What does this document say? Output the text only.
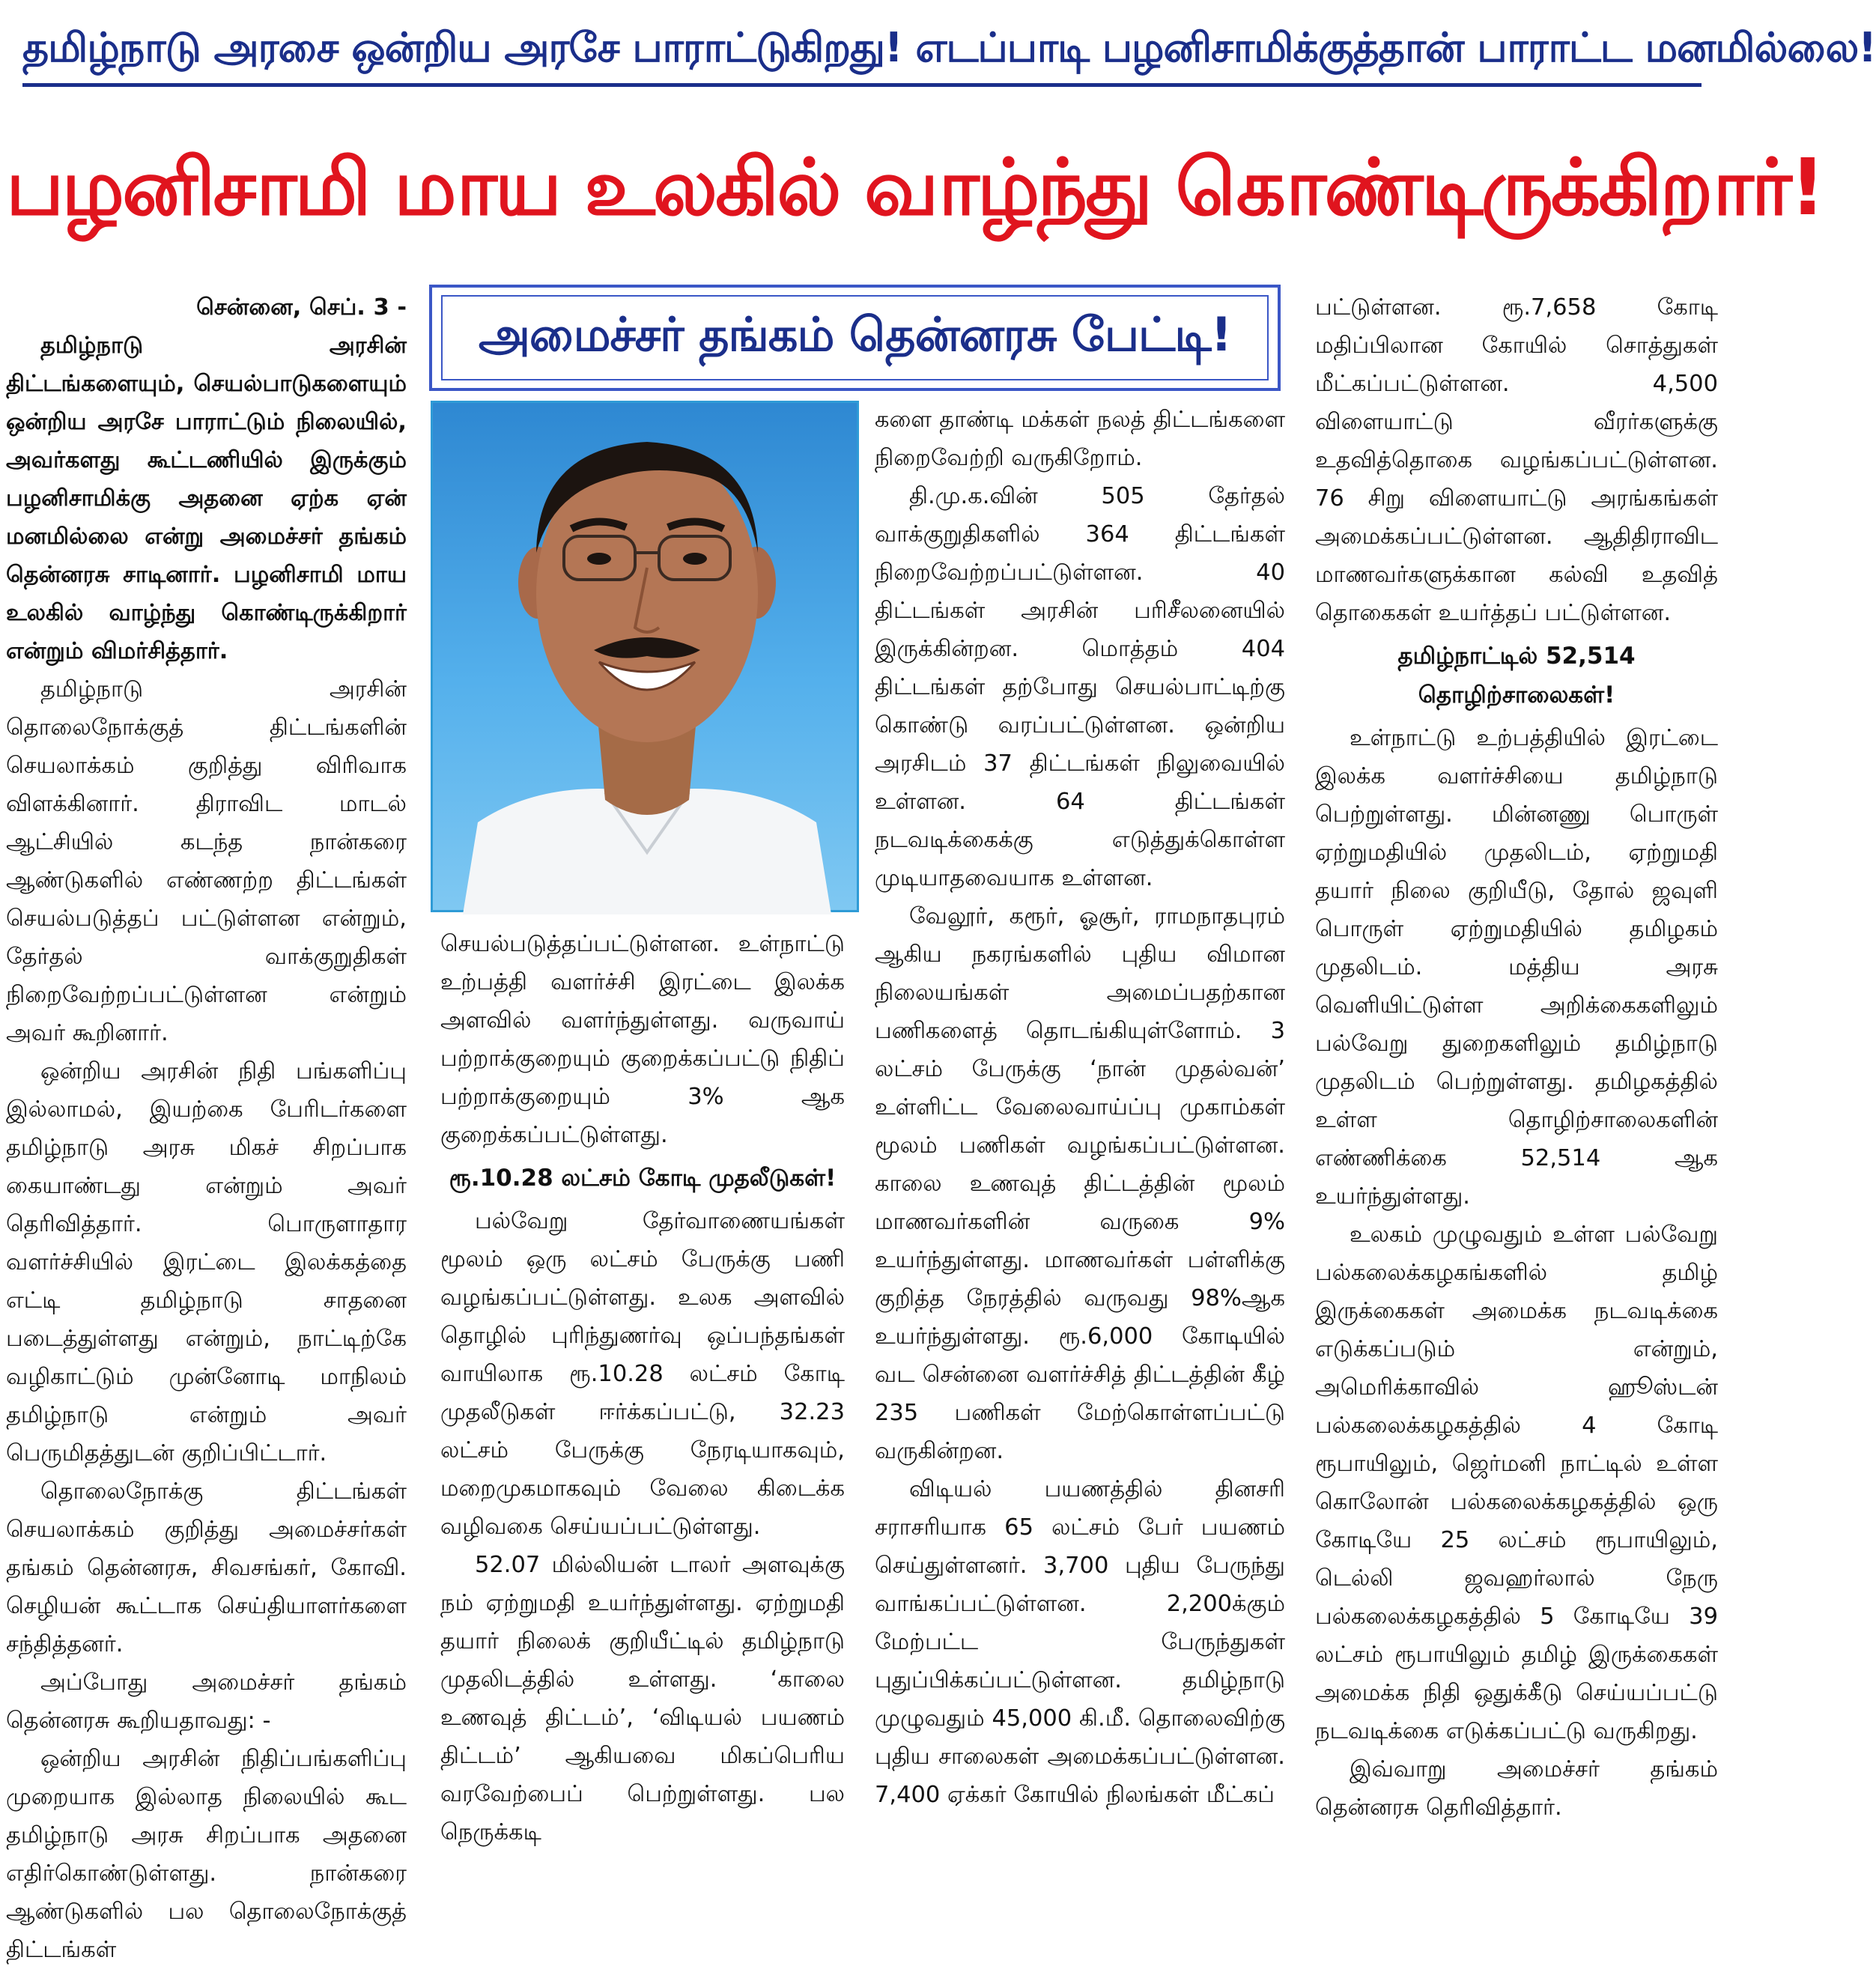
தமிழ்நாடு அரசை ஒன்றிய அரசே பாராட்டுகிறது! எடப்பாடி பழனிசாமிக்குத்தான் பாராட்ட மனமில்லை!
பழனிசாமி மாய உலகில் வாழ்ந்து கொண்டிருக்கிறார்!
அமைச்சர் தங்கம் தென்னரசு பேட்டி!

சென்னை, செப். 3 -

தமிழ்நாடு அரசின் திட்டங்களையும், செயல்பாடுகளையும் ஒன்றிய அரசே பாராட்டும் நிலையில், அவர்களது கூட்டணியில் இருக்கும் பழனிசாமிக்கு அதனை ஏற்க ஏன் மனமில்லை என்று அமைச்சர் தங்கம் தென்னரசு சாடினார். பழனிசாமி மாய உலகில் வாழ்ந்து கொண்டிருக்கிறார் என்றும் விமர்சித்தார்.

தமிழ்நாடு அரசின் தொலைநோக்குத் திட்டங்களின் செயலாக்கம் குறித்து விரிவாக விளக்கினார். திராவிட மாடல் ஆட்சியில் கடந்த நான்கரை ஆண்டுகளில் எண்ணற்ற திட்டங்கள் செயல்படுத்தப் பட்டுள்ளன என்றும், தேர்தல் வாக்குறுதிகள் நிறைவேற்றப்பட்டுள்ளன என்றும் அவர் கூறினார்.

ஒன்றிய அரசின் நிதி பங்களிப்பு இல்லாமல், இயற்கை பேரிடர்களை தமிழ்நாடு அரசு மிகச் சிறப்பாக கையாண்டது என்றும் அவர் தெரிவித்தார். பொருளாதார வளர்ச்சியில் இரட்டை இலக்கத்தை எட்டி தமிழ்நாடு சாதனை படைத்துள்ளது என்றும், நாட்டிற்கே வழிகாட்டும் முன்னோடி மாநிலம் தமிழ்நாடு என்றும் அவர் பெருமிதத்துடன் குறிப்பிட்டார்.

தொலைநோக்கு திட்டங்கள் செயலாக்கம் குறித்து அமைச்சர்கள் தங்கம் தென்னரசு, சிவசங்கர், கோவி. செழியன் கூட்டாக செய்தியாளர்களை சந்தித்தனர்.

அப்போது அமைச்சர் தங்கம் தென்னரசு கூறியதாவது: -

ஒன்றிய அரசின் நிதிப்பங்களிப்பு முறையாக இல்லாத நிலையில் கூட தமிழ்நாடு அரசு சிறப்பாக அதனை எதிர்கொண்டுள்ளது. நான்கரை ஆண்டுகளில் பல தொலைநோக்குத் திட்டங்கள்

செயல்படுத்தப்பட்டுள்ளன. உள்நாட்டு உற்பத்தி வளர்ச்சி இரட்டை இலக்க அளவில் வளர்ந்துள்ளது. வருவாய் பற்றாக்குறையும் குறைக்கப்பட்டு நிதிப் பற்றாக்குறையும் 3% ஆக குறைக்கப்பட்டுள்ளது.

ரூ.10.28 லட்சம் கோடி முதலீடுகள்!

பல்வேறு தேர்வாணையங்கள் மூலம் ஒரு லட்சம் பேருக்கு பணி வழங்கப்பட்டுள்ளது. உலக அளவில் தொழில் புரிந்துணர்வு ஒப்பந்தங்கள் வாயிலாக ரூ.10.28 லட்சம் கோடி முதலீடுகள் ஈர்க்கப்பட்டு, 32.23 லட்சம் பேருக்கு நேரடியாகவும், மறைமுகமாகவும் வேலை கிடைக்க வழிவகை செய்யப்பட்டுள்ளது.

52.07 மில்லியன் டாலர் அளவுக்கு நம் ஏற்றுமதி உயர்ந்துள்ளது. ஏற்றுமதி தயார் நிலைக் குறியீட்டில் தமிழ்நாடு முதலிடத்தில் உள்ளது. ‘காலை உணவுத் திட்டம்’, ‘விடியல் பயணம் திட்டம்’ ஆகியவை மிகப்பெரிய வரவேற்பைப் பெற்றுள்ளது. பல நெருக்கடி

களை தாண்டி மக்கள் நலத் திட்டங்களை நிறைவேற்றி வருகிறோம்.

தி.மு.க.வின் 505 தேர்தல் வாக்குறுதிகளில் 364 திட்டங்கள் நிறைவேற்றப்பட்டுள்ளன. 40 திட்டங்கள் அரசின் பரிசீலனையில் இருக்கின்றன. மொத்தம் 404 திட்டங்கள் தற்போது செயல்பாட்டிற்கு கொண்டு வரப்பட்டுள்ளன. ஒன்றிய அரசிடம் 37 திட்டங்கள் நிலுவையில் உள்ளன. 64 திட்டங்கள் நடவடிக்கைக்கு எடுத்துக்கொள்ள முடியாதவையாக உள்ளன.

வேலூர், கரூர், ஓசூர், ராமநாதபுரம் ஆகிய நகரங்களில் புதிய விமான நிலையங்கள் அமைப்பதற்கான பணிகளைத் தொடங்கியுள்ளோம். 3 லட்சம் பேருக்கு ‘நான் முதல்வன்’ உள்ளிட்ட வேலைவாய்ப்பு முகாம்கள் மூலம் பணிகள் வழங்கப்பட்டுள்ளன. காலை உணவுத் திட்டத்தின் மூலம் மாணவர்களின் வருகை 9% உயர்ந்துள்ளது. மாணவர்கள் பள்ளிக்கு குறித்த நேரத்தில் வருவது 98%ஆக உயர்ந்துள்ளது. ரூ.6,000 கோடியில் வட சென்னை வளர்ச்சித் திட்டத்தின் கீழ் 235 பணிகள் மேற்கொள்ளப்பட்டு வருகின்றன.

விடியல் பயணத்தில் தினசரி சராசரியாக 65 லட்சம் பேர் பயணம் செய்துள்ளனர். 3,700 புதிய பேருந்து வாங்கப்பட்டுள்ளன. 2,200க்கும் மேற்பட்ட பேருந்துகள் புதுப்பிக்கப்பட்டுள்ளன. தமிழ்நாடு முழுவதும் 45,000 கி.மீ. தொலைவிற்கு புதிய சாலைகள் அமைக்கப்பட்டுள்ளன. 7,400 ஏக்கர் கோயில் நிலங்கள் மீட்கப்

பட்டுள்ளன. ரூ.7,658 கோடி மதிப்பிலான கோயில் சொத்துகள் மீட்கப்பட்டுள்ளன. 4,500 விளையாட்டு வீரர்களுக்கு உதவித்தொகை வழங்கப்பட்டுள்ளன. 76 சிறு விளையாட்டு அரங்கங்கள் அமைக்கப்பட்டுள்ளன. ஆதிதிராவிட மாணவர்களுக்கான கல்வி உதவித் தொகைகள் உயர்த்தப் பட்டுள்ளன.

தமிழ்நாட்டில் 52,514 தொழிற்சாலைகள்!

உள்நாட்டு உற்பத்தியில் இரட்டை இலக்க வளர்ச்சியை தமிழ்நாடு பெற்றுள்ளது. மின்னணு பொருள் ஏற்றுமதியில் முதலிடம், ஏற்றுமதி தயார் நிலை குறியீடு, தோல் ஜவுளி பொருள் ஏற்றுமதியில் தமிழகம் முதலிடம். மத்திய அரசு வெளியிட்டுள்ள அறிக்கைகளிலும் பல்வேறு துறைகளிலும் தமிழ்நாடு முதலிடம் பெற்றுள்ளது. தமிழகத்தில் உள்ள தொழிற்சாலைகளின் எண்ணிக்கை 52,514 ஆக உயர்ந்துள்ளது.

உலகம் முழுவதும் உள்ள பல்வேறு பல்கலைக்கழகங்களில் தமிழ் இருக்கைகள் அமைக்க நடவடிக்கை எடுக்கப்படும் என்றும், அமெரிக்காவில் ஹூஸ்டன் பல்கலைக்கழகத்தில் 4 கோடி ரூபாயிலும், ஜெர்மனி நாட்டில் உள்ள கொலோன் பல்கலைக்கழகத்தில் ஒரு கோடியே 25 லட்சம் ரூபாயிலும், டெல்லி ஜவஹர்லால் நேரு பல்கலைக்கழகத்தில் 5 கோடியே 39 லட்சம் ரூபாயிலும் தமிழ் இருக்கைகள் அமைக்க நிதி ஒதுக்கீடு செய்யப்பட்டு நடவடிக்கை எடுக்கப்பட்டு வருகிறது.

இவ்வாறு அமைச்சர் தங்கம் தென்னரசு தெரிவித்தார்.
